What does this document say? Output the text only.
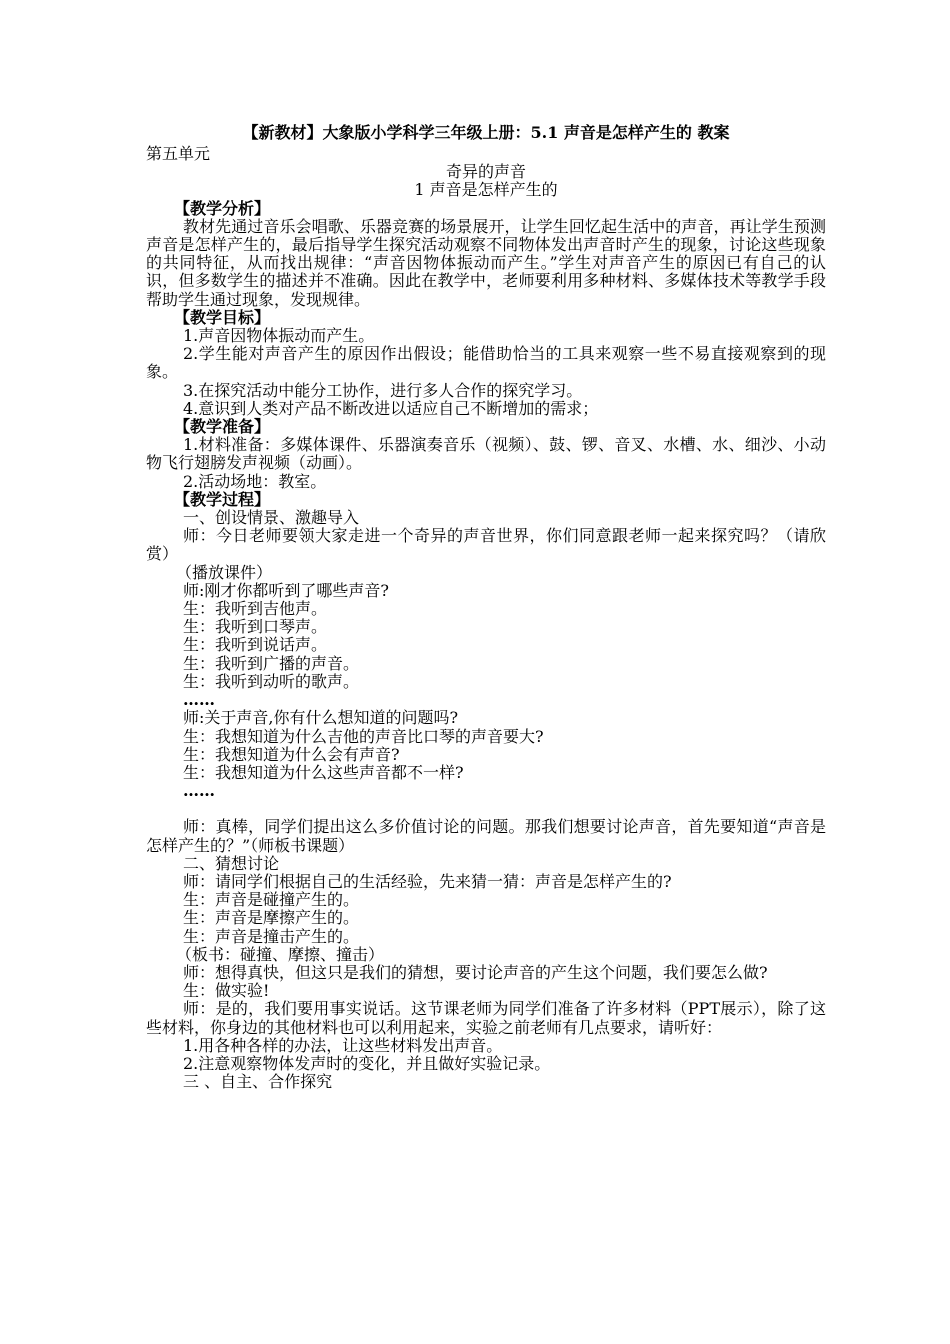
【新教材】大象版小学科学三年级上册：5.1 声音是怎样产生的 教案
第五单元
奇异的声音
1 声音是怎样产生的
【教学分析】
教材先通过音乐会唱歌、乐器竞赛的场景展开，让学生回忆起生活中的声音，再让学生预测声音是怎样产生的，最后指导学生探究活动观察不同物体发出声音时产生的现象，讨论这些现象的共同特征，从而找出规律：“声音因物体振动而产生。”学生对声音产生的原因已有自己的认识，但多数学生的描述并不准确。因此在教学中，老师要利用多种材料、多媒体技术等教学手段帮助学生通过现象，发现规律。
【教学目标】
1.声音因物体振动而产生。
2.学生能对声音产生的原因作出假设；能借助恰当的工具来观察一些不易直接观察到的现象。
3.在探究活动中能分工协作，进行多人合作的探究学习。
4.意识到人类对产品不断改进以适应自己不断增加的需求；
【教学准备】
1.材料准备：多媒体课件、乐器演奏音乐（视频）、鼓、锣、音叉、水槽、水、细沙、小动物飞行翅膀发声视频（动画）。
2.活动场地：教室。
【教学过程】
一、创设情景、激趣导入
师：今日老师要领大家走进一个奇异的声音世界，你们同意跟老师一起来探究吗？（请欣赏）
（播放课件）
师:刚才你都听到了哪些声音?
生：我听到吉他声。
生：我听到口琴声。
生：我听到说话声。
生：我听到广播的声音。
生：我听到动听的歌声。
……
师:关于声音,你有什么想知道的问题吗?
生：我想知道为什么吉他的声音比口琴的声音要大?
生：我想知道为什么会有声音?
生：我想知道为什么这些声音都不一样?
……
师：真棒，同学们提出这么多价值讨论的问题。那我们想要讨论声音，首先要知道“声音是怎样产生的？”（师板书课题）
二、猜想讨论
师：请同学们根据自己的生活经验，先来猜一猜：声音是怎样产生的?
生：声音是碰撞产生的。
生：声音是摩擦产生的。
生：声音是撞击产生的。
（板书：碰撞、摩擦、撞击）
师：想得真快，但这只是我们的猜想，要讨论声音的产生这个问题，我们要怎么做?
生：做实验!
师：是的，我们要用事实说话。这节课老师为同学们准备了许多材料（PPT展示），除了这些材料，你身边的其他材料也可以利用起来，实验之前老师有几点要求，请听好：
1.用各种各样的办法，让这些材料发出声音。
2.注意观察物体发声时的变化，并且做好实验记录。
三 、自主、合作探究
